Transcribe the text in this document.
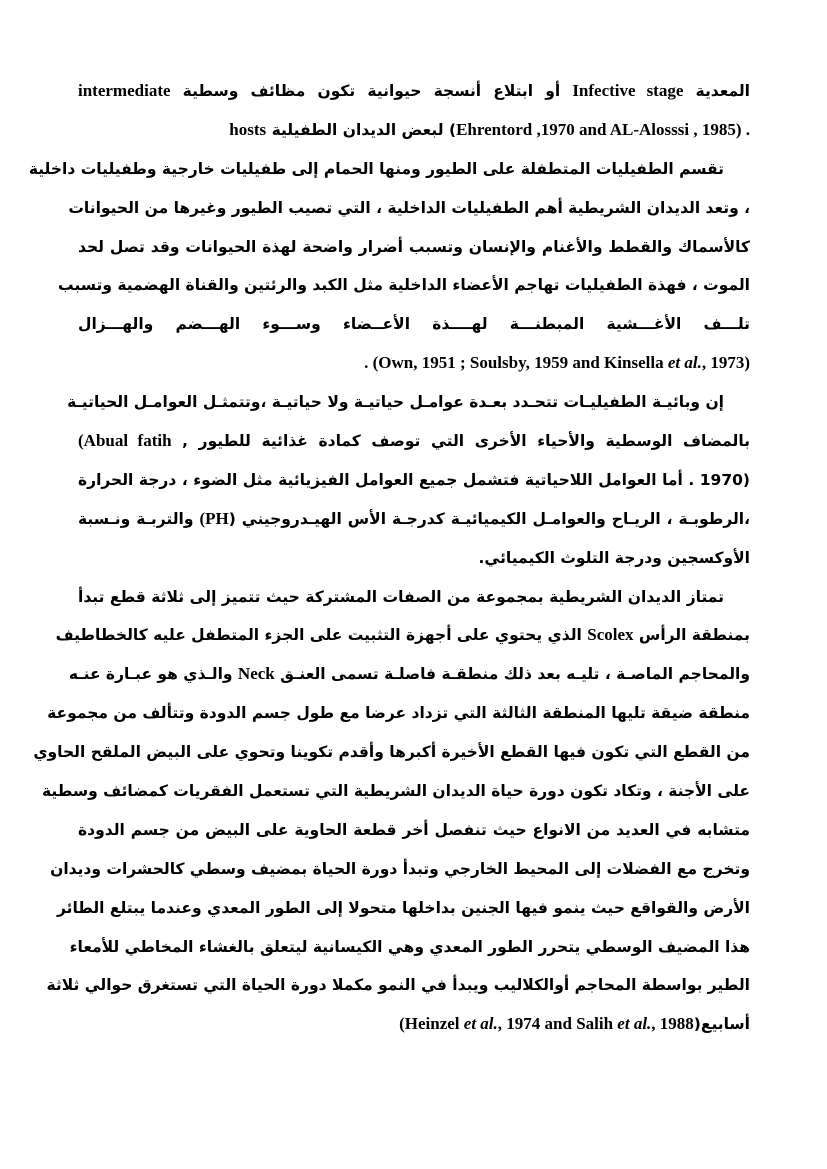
المعدية Infective stage أو ابتلاع أنسجة حيوانية تكون مظائف وسطية intermediate
hosts لبعض الديدان الطفيلية (Ehrentord ,1970 and AL-Alosssi , 1985) .
تقسم الطفيليات المتطفلة على الطيور ومنها الحمام إلى طفيليات خارجية وطفيليات داخلية
، وتعد الديدان الشريطية أهم الطفيليات الداخلية ، التي تصيب الطيور وغيرها من الحيوانات
كالأسماك والقطط والأغنام والإنسان وتسبب أضرار واضحة لهذة الحيوانات وقد تصل لحد
الموت ، فهذة الطفيليات تهاجم الأعضاء الداخلية مثل الكبد والرئتين والقناة الهضمية وتسبب
تلـــف الأغـــشية المبطنـــة لهــــذة الأعــضاء وســـوء الهـــضم والهـــزال
. (Own, 1951 ; Soulsby, 1959 and Kinsella et al., 1973)
إن وبائيـة الطفيليـات تتحـدد بعـدة عوامـل حياتيـة ولا حياتيـة ،وتتمثـل العوامـل الحياتيـة
بالمضاف الوسطية والأحياء الأخرى التي توصف كمادة غذائية للطيور , Abual fatih)
(1970 . أما العوامل اللاحياتية فتشمل جميع العوامل الفيزيائية مثل الضوء ، درجة الحرارة
،الرطوبـة ، الريـاح والعوامـل الكيميائيـة كدرجـة الأس الهيـدروجيني (PH) والتربـة ونـسبة
الأوكسجين ودرجة التلوث الكيميائي.
تمتاز الديدان الشريطية بمجموعة من الصفات المشتركة حيث تتميز إلى ثلاثة قطع تبدأ
بمنطقة الرأس Scolex الذي يحتوي على أجهزة التثبيت على الجزء المتطفل عليه كالخطاطيف
والمحاجم الماصـة ، تليـه بعد ذلك منطقـة فاصلـة تسمى العنـق Neck والـذي هو عبـارة عنـه
منطقة ضيقة تليها المنطقة الثالثة التي تزداد عرضا مع طول جسم الدودة وتتألف من مجموعة
من القطع التي تكون فيها القطع الأخيرة أكبرها وأقدم تكوينا وتحوي على البيض الملقح الحاوي
على الأجنة ، وتكاد تكون دورة حياة الديدان الشريطية التي تستعمل الفقريات كمضائف وسطية
متشابه في العديد من الانواع حيث تنفصل أخر قطعة الحاوية على البيض من جسم الدودة
وتخرج مع الفضلات إلى المحيط الخارجي وتبدأ دورة الحياة بمضيف وسطي كالحشرات وديدان
الأرض والقواقع حيث ينمو فيها الجنين بداخلها متحولا إلى الطور المعدي وعندما يبتلع الطائر
هذا المضيف الوسطي يتحرر الطور المعدي وهي الكيسانية ليتعلق بالغشاء المخاطي للأمعاء
الطير بواسطة المحاجم أوالكلاليب ويبدأ في النمو مكملا دورة الحياة التي تستغرق حوالي ثلاثة
أسابيع(Heinzel et al., 1974 and Salih et al., 1988)
